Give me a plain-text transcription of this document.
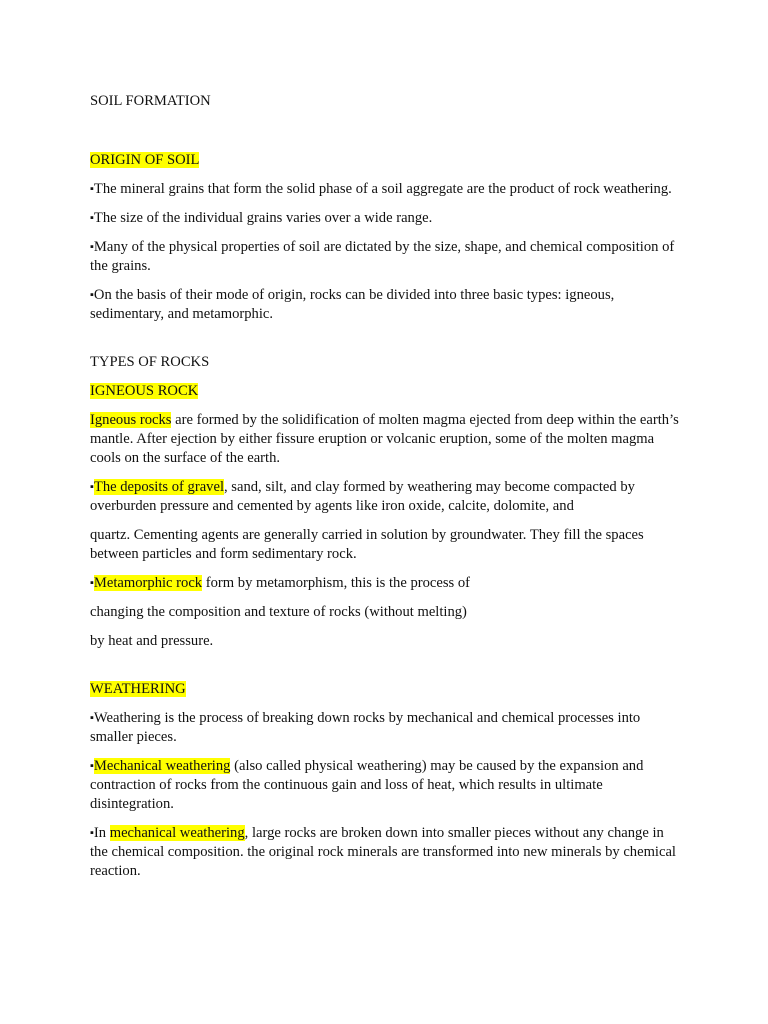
SOIL FORMATION

ORIGIN OF SOIL

▪The mineral grains that form the solid phase of a soil aggregate are the product of rock weathering.

▪The size of the individual grains varies over a wide range.

▪Many of the physical properties of soil are dictated by the size, shape, and chemical composition of the grains.

▪On the basis of their mode of origin, rocks can be divided into three basic types: igneous, sedimentary, and metamorphic.

TYPES OF ROCKS

IGNEOUS ROCK

Igneous rocks are formed by the solidification of molten magma ejected from deep within the earth’s mantle. After ejection by either fissure eruption or volcanic eruption, some of the molten magma cools on the surface of the earth.

▪The deposits of gravel, sand, silt, and clay formed by weathering may become compacted by overburden pressure and cemented by agents like iron oxide, calcite, dolomite, and

quartz. Cementing agents are generally carried in solution by groundwater. They fill the spaces between particles and form sedimentary rock.

▪Metamorphic rock form by metamorphism, this is the process of

changing the composition and texture of rocks (without melting)

by heat and pressure.

WEATHERING

▪Weathering is the process of breaking down rocks by mechanical and chemical processes into smaller pieces.

▪Mechanical weathering (also called physical weathering) may be caused by the expansion and contraction of rocks from the continuous gain and loss of heat, which results in ultimate disintegration.

▪In mechanical weathering, large rocks are broken down into smaller pieces without any change in the chemical composition. the original rock minerals are transformed into new minerals by chemical reaction.
